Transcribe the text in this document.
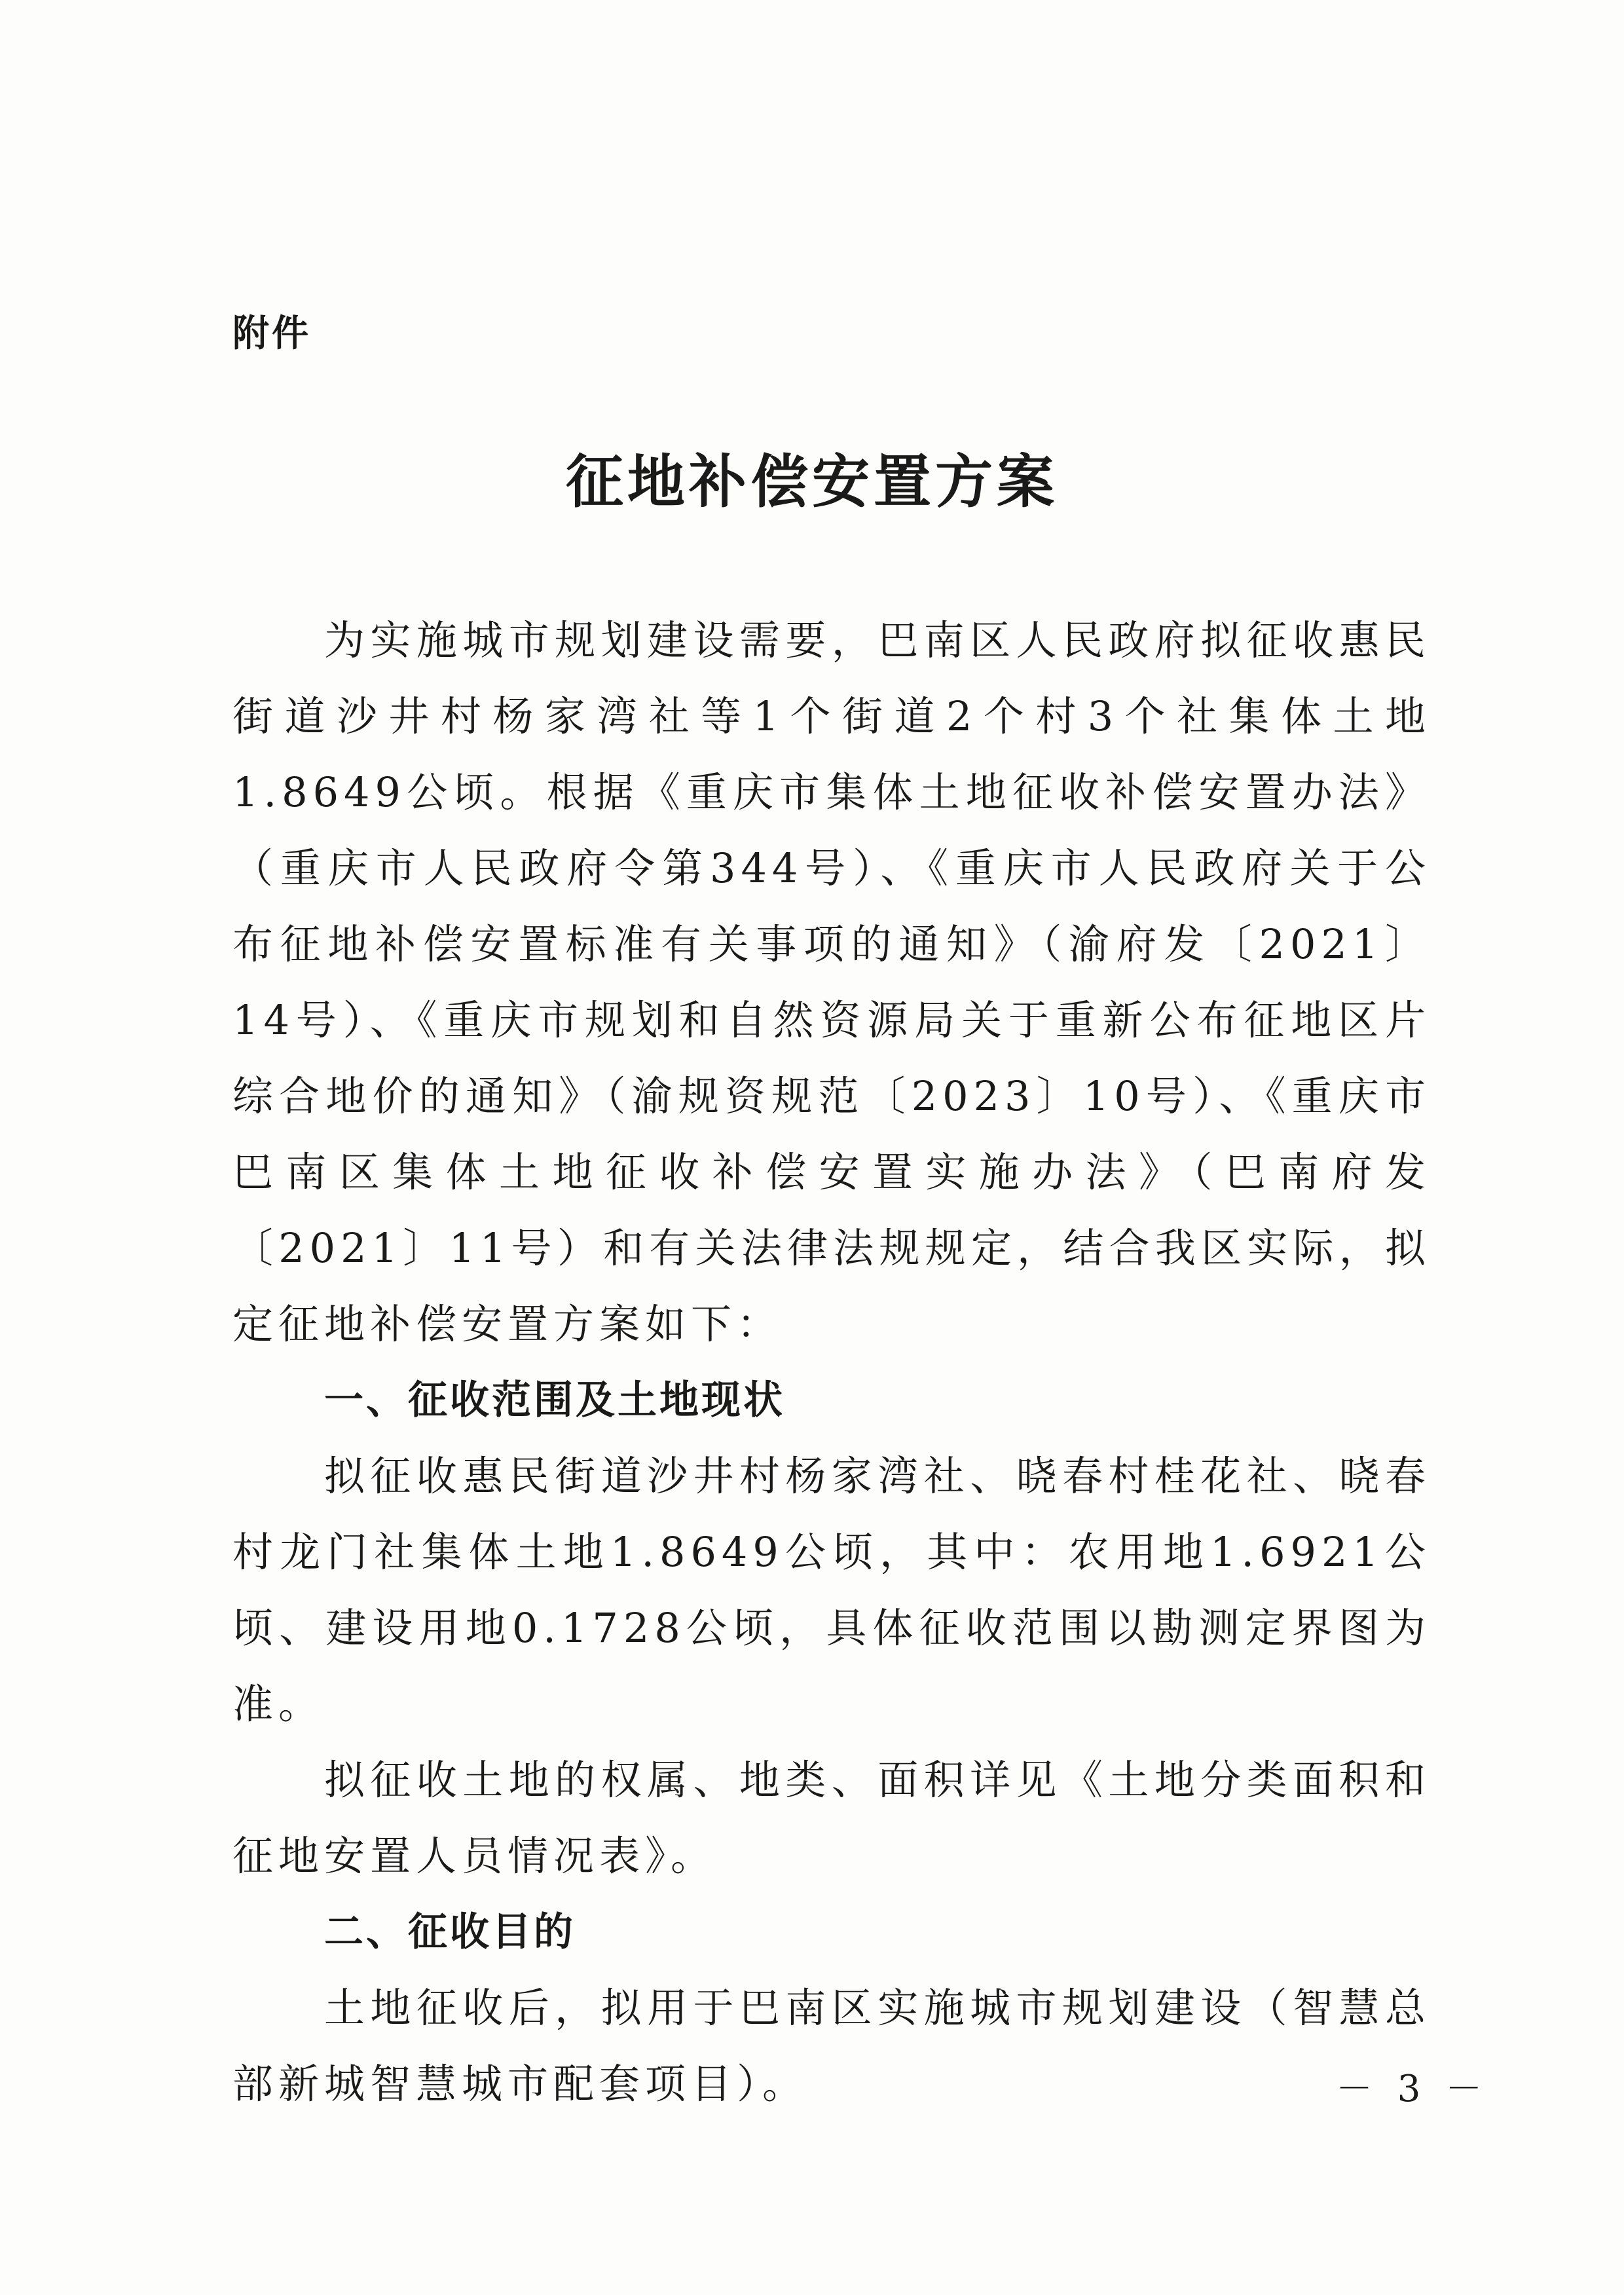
附件
征地补偿安置方案

为实施城市规划建设需要，巴南区人民政府拟征收惠民街道沙井村杨家湾社等1个街道2个村3个社集体土地1.8649公顷。根据《重庆市集体土地征收补偿安置办法》（重庆市人民政府令第344号）、《重庆市人民政府关于公布征地补偿安置标准有关事项的通知》（渝府发〔2021〕14号）、《重庆市规划和自然资源局关于重新公布征地区片综合地价的通知》（渝规资规范〔2023〕10号）、《重庆市巴南区集体土地征收补偿安置实施办法》（巴南府发〔2021〕11号）和有关法律法规规定，结合我区实际，拟定征地补偿安置方案如下：

一、征收范围及土地现状

拟征收惠民街道沙井村杨家湾社、晓春村桂花社、晓春村龙门社集体土地1.8649公顷，其中：农用地1.6921公顷、建设用地0.1728公顷，具体征收范围以勘测定界图为准。

拟征收土地的权属、地类、面积详见《土地分类面积和征地安置人员情况表》。

二、征收目的

土地征收后，拟用于巴南区实施城市规划建设（智慧总部新城智慧城市配套项目）。	－ 3 －
